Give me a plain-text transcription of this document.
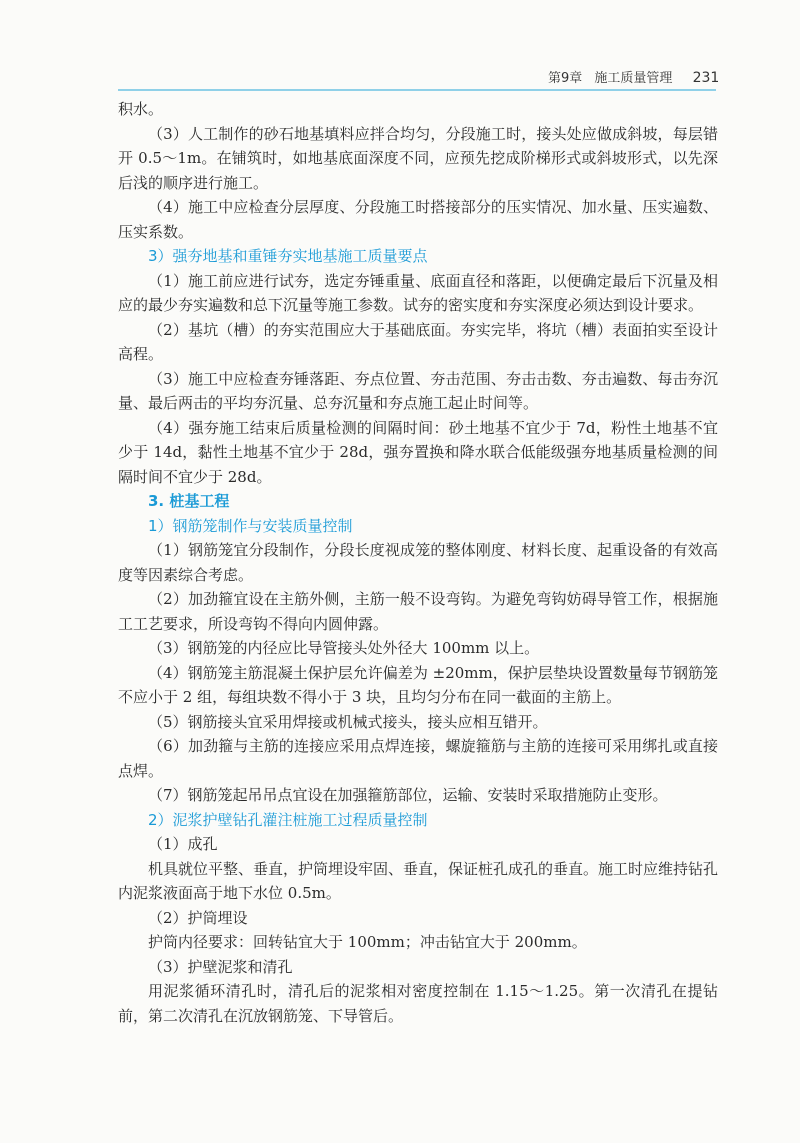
第9章 施工质量管理 231
积水。
（3）人工制作的砂石地基填料应拌合均匀，分段施工时，接头处应做成斜坡，每层错开 0.5～1m。在铺筑时，如地基底面深度不同，应预先挖成阶梯形式或斜坡形式，以先深后浅的顺序进行施工。
（4）施工中应检查分层厚度、分段施工时搭接部分的压实情况、加水量、压实遍数、压实系数。
3）强夯地基和重锤夯实地基施工质量要点
（1）施工前应进行试夯，选定夯锤重量、底面直径和落距，以便确定最后下沉量及相应的最少夯实遍数和总下沉量等施工参数。试夯的密实度和夯实深度必须达到设计要求。
（2）基坑（槽）的夯实范围应大于基础底面。夯实完毕，将坑（槽）表面拍实至设计高程。
（3）施工中应检查夯锤落距、夯点位置、夯击范围、夯击击数、夯击遍数、每击夯沉量、最后两击的平均夯沉量、总夯沉量和夯点施工起止时间等。
（4）强夯施工结束后质量检测的间隔时间：砂土地基不宜少于 7d，粉性土地基不宜少于 14d，黏性土地基不宜少于 28d，强夯置换和降水联合低能级强夯地基质量检测的间隔时间不宜少于 28d。
3. 桩基工程
1）钢筋笼制作与安装质量控制
（1）钢筋笼宜分段制作，分段长度视成笼的整体刚度、材料长度、起重设备的有效高度等因素综合考虑。
（2）加劲箍宜设在主筋外侧，主筋一般不设弯钩。为避免弯钩妨碍导管工作，根据施工工艺要求，所设弯钩不得向内圆伸露。
（3）钢筋笼的内径应比导管接头处外径大 100mm 以上。
（4）钢筋笼主筋混凝土保护层允许偏差为 ±20mm，保护层垫块设置数量每节钢筋笼不应小于 2 组，每组块数不得小于 3 块，且均匀分布在同一截面的主筋上。
（5）钢筋接头宜采用焊接或机械式接头，接头应相互错开。
（6）加劲箍与主筋的连接应采用点焊连接，螺旋箍筋与主筋的连接可采用绑扎或直接点焊。
（7）钢筋笼起吊吊点宜设在加强箍筋部位，运输、安装时采取措施防止变形。
2）泥浆护壁钻孔灌注桩施工过程质量控制
（1）成孔
机具就位平整、垂直，护筒埋设牢固、垂直，保证桩孔成孔的垂直。施工时应维持钻孔内泥浆液面高于地下水位 0.5m。
（2）护筒埋设
护筒内径要求：回转钻宜大于 100mm；冲击钻宜大于 200mm。
（3）护壁泥浆和清孔
用泥浆循环清孔时，清孔后的泥浆相对密度控制在 1.15～1.25。第一次清孔在提钻前，第二次清孔在沉放钢筋笼、下导管后。
